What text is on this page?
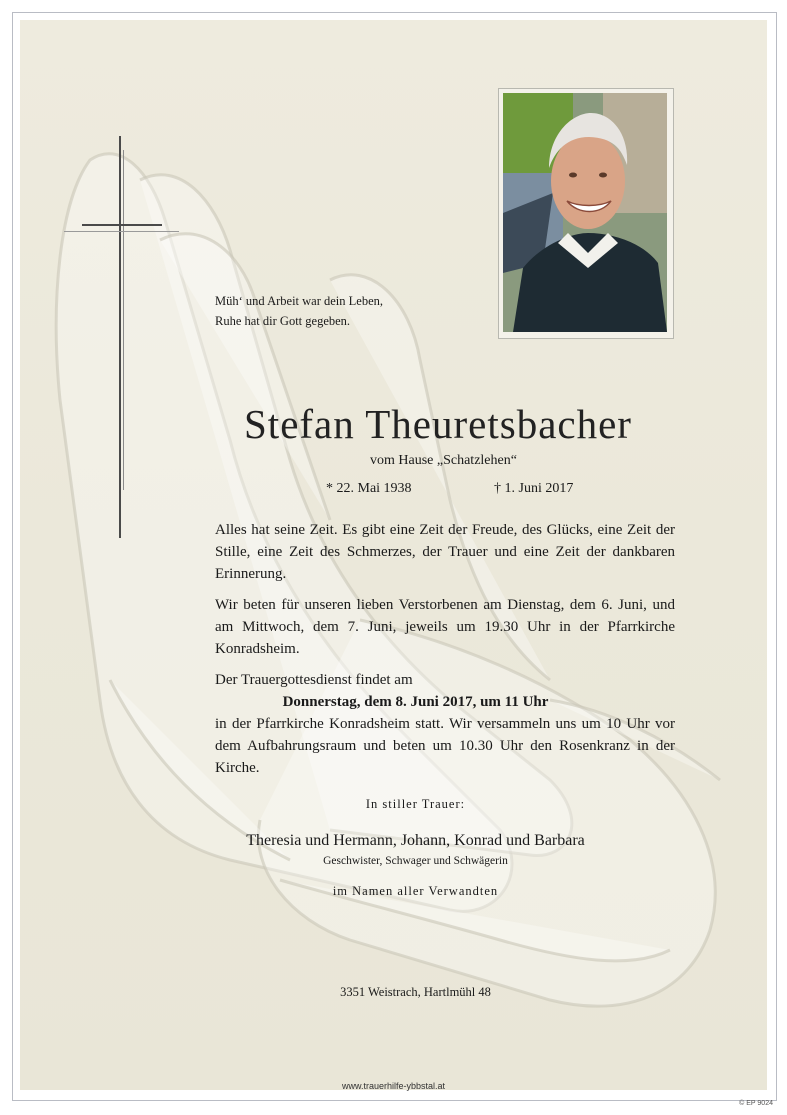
Müh‘ und Arbeit war dein Leben,
Ruhe hat dir Gott gegeben.
Stefan Theuretsbacher
vom Hause „Schatzlehen“
* 22. Mai 1938	† 1. Juni 2017

Alles hat seine Zeit. Es gibt eine Zeit der Freude, des Glücks, eine Zeit der Stille, eine Zeit des Schmerzes, der Trauer und eine Zeit der dankbaren Erinnerung.

Wir beten für unseren lieben Verstorbenen am Dienstag, dem 6. Juni, und am Mittwoch, dem 7. Juni, jeweils um 19.30 Uhr in der Pfarrkirche Konradsheim.

Der Trauergottesdienst findet am
Donnerstag, dem 8. Juni 2017, um 11 Uhr

in der Pfarrkirche Konradsheim statt. Wir versammeln uns um 10 Uhr vor dem Aufbahrungsraum und beten um 10.30 Uhr den Rosenkranz in der Kirche.

In stiller Trauer:
Theresia und Hermann, Johann, Konrad und Barbara
Geschwister, Schwager und Schwägerin
im Namen aller Verwandten
3351 Weistrach, Hartlmühl 48
www.trauerhilfe-ybbstal.at
© EP 9024
